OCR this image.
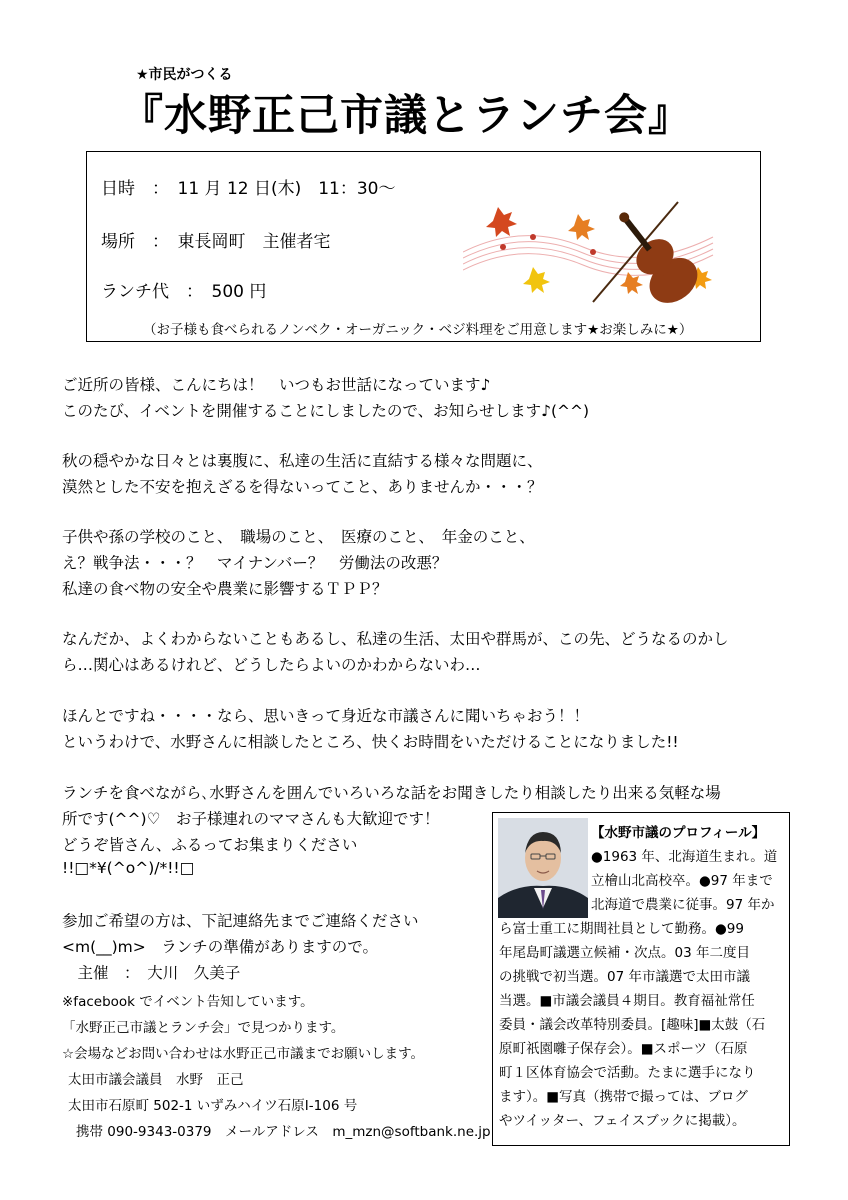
★市民がつくる
『水野正己市議とランチ会』
日時　：　11 月 12 日(木)　11：30～
場所　：　東長岡町　主催者宅
ランチ代　：　500 円
（お子様も食べられるノンベク・オーガニック・ベジ料理をご用意します★お楽しみに★）
ご近所の皆様、こんにちは！　いつもお世話になっています♪
このたび、イベントを開催することにしましたので、お知らせします♪(^^)
秋の穏やかな日々とは裏腹に、私達の生活に直結する様々な問題に、
漠然とした不安を抱えざるを得ないってこと、ありませんか・・・？
子供や孫の学校のこと、　職場のこと、　医療のこと、　年金のこと、
え？戦争法・・・？　マイナンバー？　労働法の改悪？
私達の食べ物の安全や農業に影響するＴＰＰ？
なんだか、よくわからないこともあるし、私達の生活、太田や群馬が、この先、どうなるのかし
ら…関心はあるけれど、どうしたらよいのかわからないわ…
ほんとですね・・・・なら、思いきって身近な市議さんに聞いちゃおう！！
というわけで、水野さんに相談したところ、快くお時間をいただけることになりました!!
ランチを食べながら､水野さんを囲んでいろいろな話をお聞きしたり相談したり出来る気軽な場
所です(^^)♡　お子様連れのママさんも大歓迎です！
どうぞ皆さん、ふるってお集まりください
!!□*¥(^o^)/*!!□
参加ご希望の方は、下記連絡先までご連絡ください
<m(__)m>　ランチの準備がありますので。
　主催　：　大川　久美子
※facebook でイベント告知しています。
「水野正己市議とランチ会」で見つかります。
☆会場などお問い合わせは水野正己市議までお願いします。
太田市議会議員　水野　正己
太田市石原町 502-1 いずみハイツ石原Ⅰ-106 号
携帯 090-9343-0379　メールアドレス　m_mzn@softbank.ne.jp
【水野市議のプロフィール】
●1963 年、北海道生まれ。道
立檜山北高校卒。●97 年まで
北海道で農業に従事。97 年か
ら富士重工に期間社員として勤務。●99
年尾島町議選立候補・次点。03 年二度目
の挑戦で初当選。07 年市議選で太田市議
当選。■市議会議員４期目。教育福祉常任
委員・議会改革特別委員。[趣味]■太鼓（石
原町祇園囃子保存会）。■スポーツ（石原
町１区体育協会で活動。たまに選手になり
ます）。■写真（携帯で撮っては、ブログ
やツイッター、フェイスブックに掲載）。
